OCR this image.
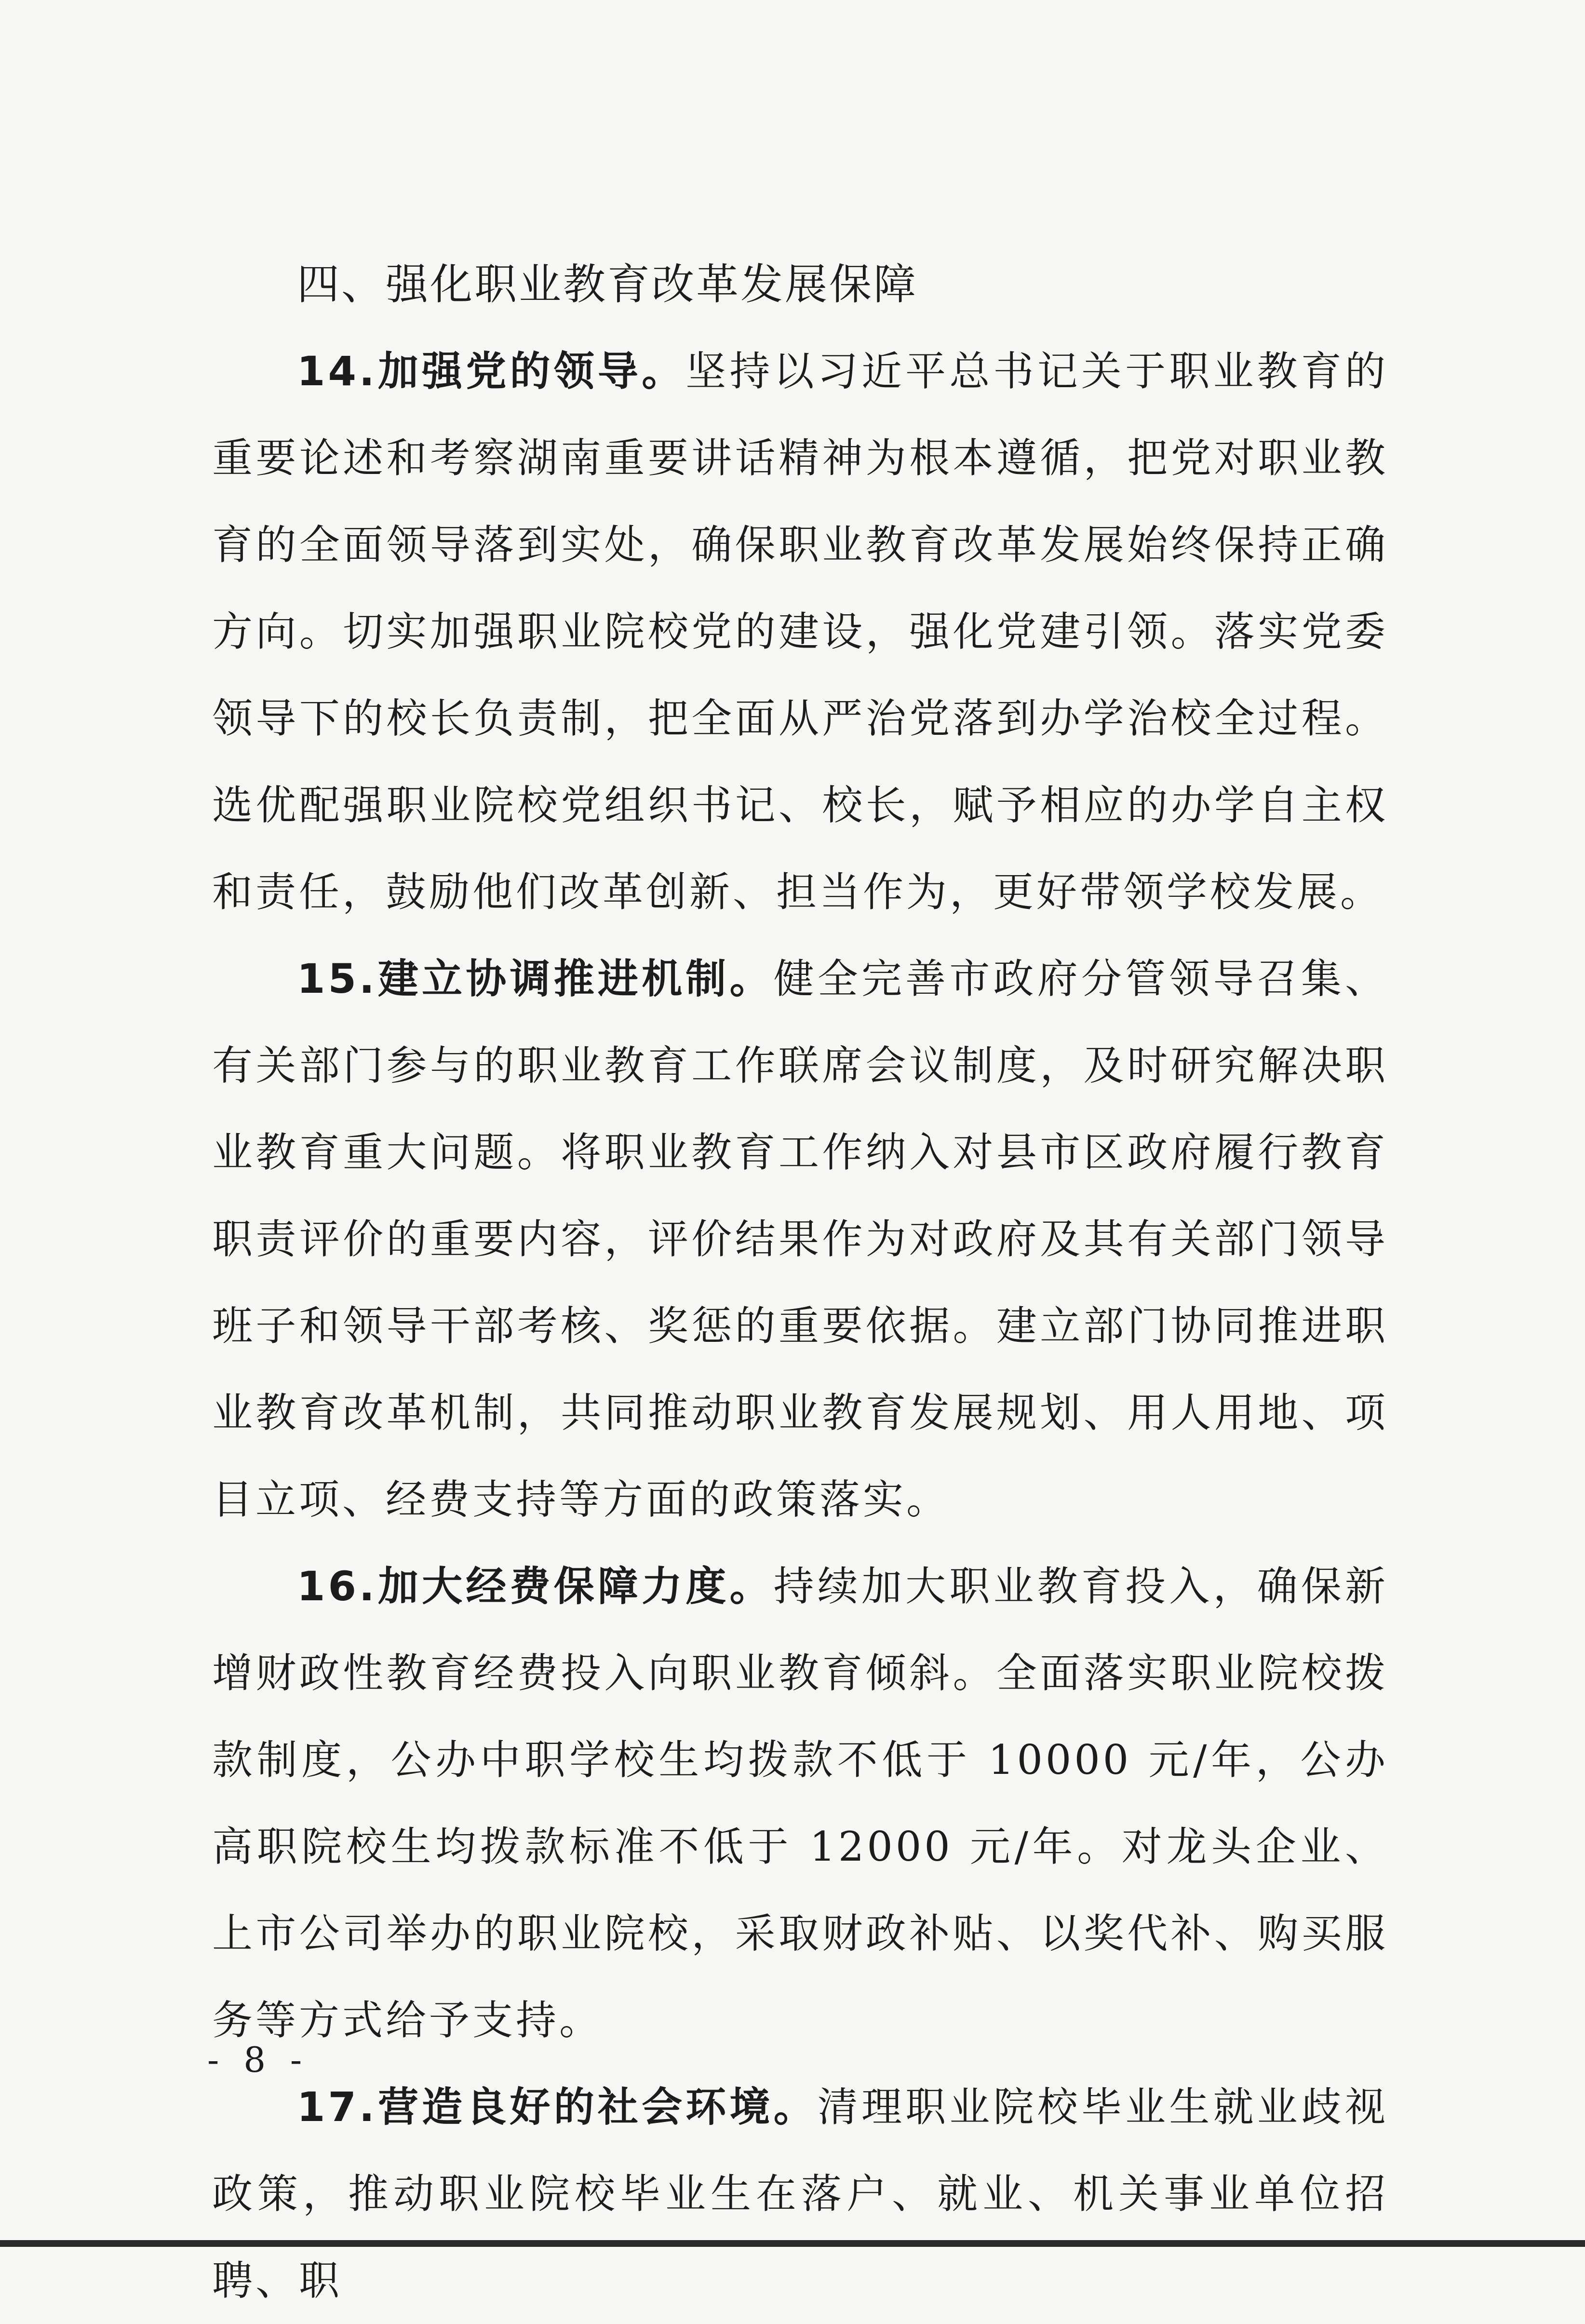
四、强化职业教育改革发展保障

14.加强党的领导。坚持以习近平总书记关于职业教育的重要论述和考察湖南重要讲话精神为根本遵循，把党对职业教育的全面领导落到实处，确保职业教育改革发展始终保持正确方向。切实加强职业院校党的建设，强化党建引领。落实党委领导下的校长负责制，把全面从严治党落到办学治校全过程。选优配强职业院校党组织书记、校长，赋予相应的办学自主权和责任，鼓励他们改革创新、担当作为，更好带领学校发展。

15.建立协调推进机制。健全完善市政府分管领导召集、有关部门参与的职业教育工作联席会议制度，及时研究解决职业教育重大问题。将职业教育工作纳入对县市区政府履行教育职责评价的重要内容，评价结果作为对政府及其有关部门领导班子和领导干部考核、奖惩的重要依据。建立部门协同推进职业教育改革机制，共同推动职业教育发展规划、用人用地、项目立项、经费支持等方面的政策落实。

16.加大经费保障力度。持续加大职业教育投入，确保新增财政性教育经费投入向职业教育倾斜。全面落实职业院校拨款制度，公办中职学校生均拨款不低于 10000 元/年，公办高职院校生均拨款标准不低于 12000 元/年。对龙头企业、上市公司举办的职业院校，采取财政补贴、以奖代补、购买服务等方式给予支持。

17.营造良好的社会环境。清理职业院校毕业生就业歧视政策，推动职业院校毕业生在落户、就业、机关事业单位招聘、职

- 8 -
